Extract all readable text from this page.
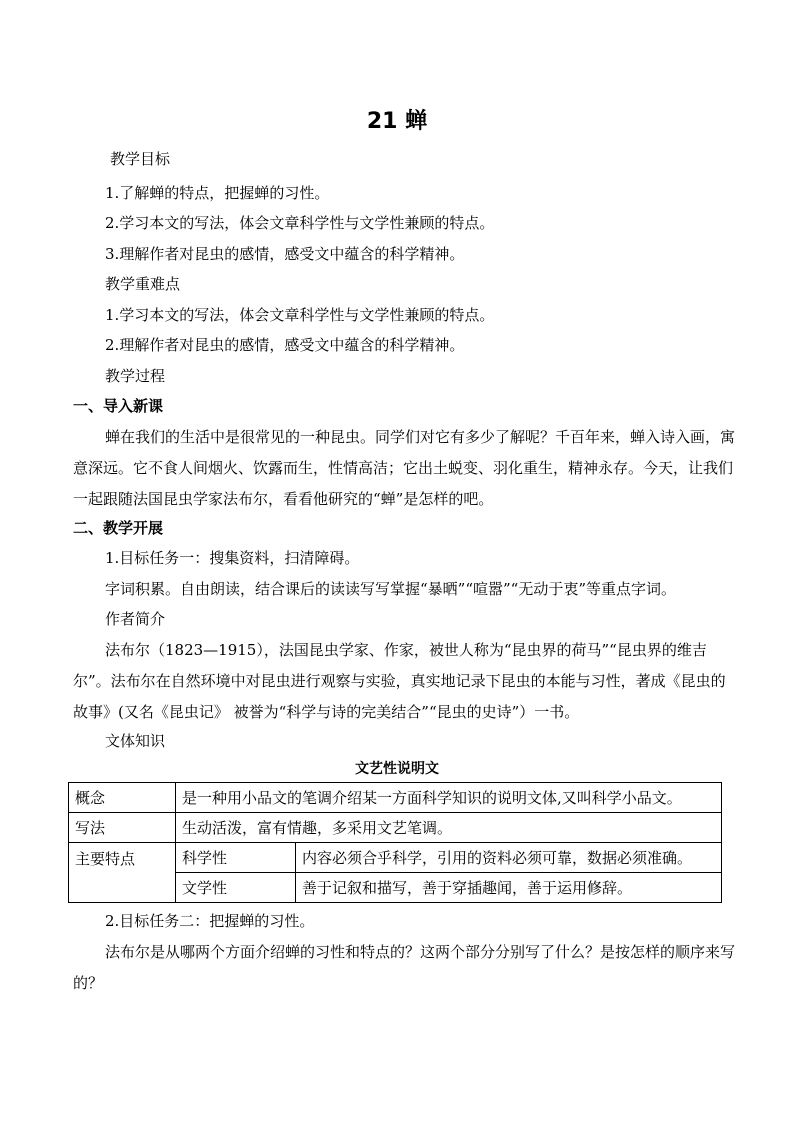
21 蝉
教学目标
1.了解蝉的特点，把握蝉的习性。
2.学习本文的写法，体会文章科学性与文学性兼顾的特点。
3.理解作者对昆虫的感情，感受文中蕴含的科学精神。
教学重难点
1.学习本文的写法，体会文章科学性与文学性兼顾的特点。
2.理解作者对昆虫的感情，感受文中蕴含的科学精神。
教学过程
一、导入新课
蝉在我们的生活中是很常见的一种昆虫。同学们对它有多少了解呢？千百年来，蝉入诗入画，寓意深远。它不食人间烟火、饮露而生，性情高洁；它出土蜕变、羽化重生，精神永存。今天，让我们一起跟随法国昆虫学家法布尔，看看他研究的“蝉”是怎样的吧。
二、教学开展
1.目标任务一：搜集资料，扫清障碍。
字词积累。自由朗读，结合课后的读读写写掌握“暴晒”“喧嚣”“无动于衷”等重点字词。
作者简介
法布尔（1823—1915），法国昆虫学家、作家，被世人称为“昆虫界的荷马”“昆虫界的维吉尔”。法布尔在自然环境中对昆虫进行观察与实验，真实地记录下昆虫的本能与习性，著成《昆虫的故事》(又名《昆虫记》 被誉为“科学与诗的完美结合”“昆虫的史诗”）一书。
文体知识
文艺性说明文
概念	是一种用小品文的笔调介绍某一方面科学知识的说明文体,又叫科学小品文。	
写法	生动活泼，富有情趣，多采用文艺笔调。	
主要特点	科学性	内容必须合乎科学，引用的资料必须可靠，数据必须准确。
	文学性	善于记叙和描写，善于穿插趣闻，善于运用修辞。
2.目标任务二：把握蝉的习性。
法布尔是从哪两个方面介绍蝉的习性和特点的？这两个部分分别写了什么？是按怎样的顺序来写的？
